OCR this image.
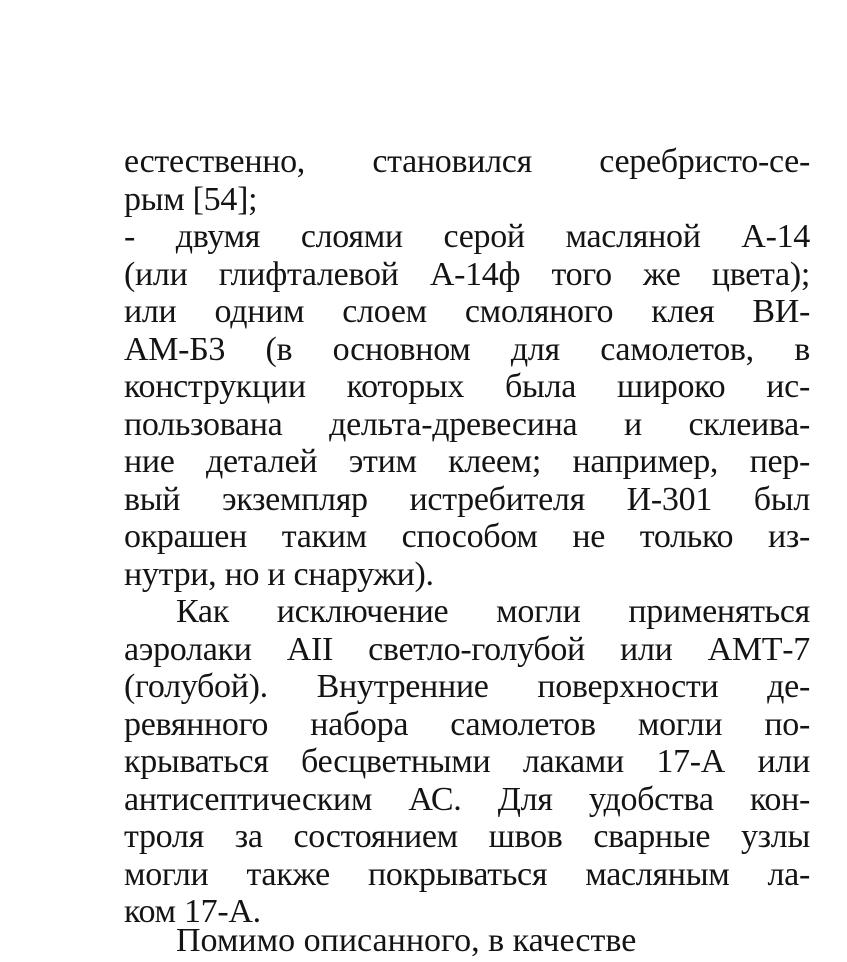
естественно, становился серебристо-се-
рым [54];
- двумя слоями серой масляной А-14
(или глифталевой А-14ф того же цвета);
или одним слоем смоляного клея ВИ-
АМ-Б3 (в основном для самолетов, в
конструкции которых была широко ис-
пользована дельта-древесина и склеива-
ние деталей этим клеем; например, пер-
вый экземпляр истребителя И-301 был
окрашен таким способом не только из-
нутри, но и снаружи).
Как исключение могли применяться
аэролаки AII светло-голубой или АМТ-7
(голубой). Внутренние поверхности де-
ревянного набора самолетов могли по-
крываться бесцветными лаками 17-А или
антисептическим АС. Для удобства кон-
троля за состоянием швов сварные узлы
могли также покрываться масляным ла-
ком 17-А.
Помимо описанного, в качестве
